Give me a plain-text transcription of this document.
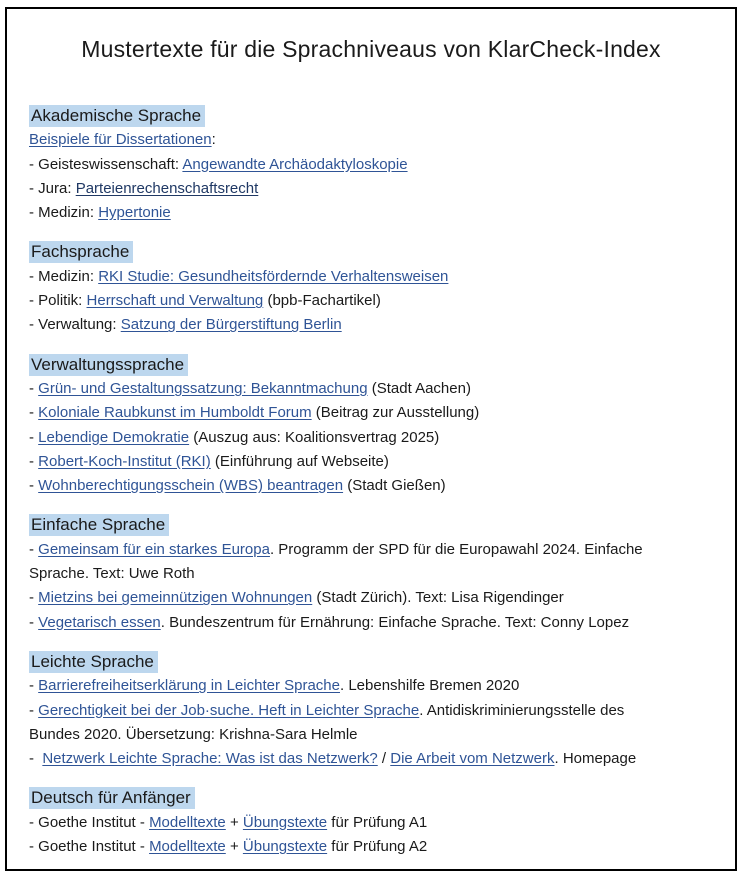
Mustertexte für die Sprachniveaus von KlarCheck-Index
Akademische Sprache
Beispiele für Dissertationen:
- Geisteswissenschaft: Angewandte Archäodaktyloskopie
- Jura: Parteienrechenschaftsrecht
- Medizin: Hypertonie
Fachsprache
- Medizin: RKI Studie: Gesundheitsfördernde Verhaltensweisen
- Politik: Herrschaft und Verwaltung (bpb-Fachartikel)
- Verwaltung: Satzung der Bürgerstiftung Berlin
Verwaltungssprache
- Grün- und Gestaltungssatzung: Bekanntmachung (Stadt Aachen)
- Koloniale Raubkunst im Humboldt Forum (Beitrag zur Ausstellung)
- Lebendige Demokratie (Auszug aus: Koalitionsvertrag 2025)
- Robert-Koch-Institut (RKI) (Einführung auf Webseite)
- Wohnberechtigungsschein (WBS) beantragen (Stadt Gießen)
Einfache Sprache
- Gemeinsam für ein starkes Europa. Programm der SPD für die Europawahl 2024. Einfache
Sprache. Text: Uwe Roth
- Mietzins bei gemeinnützigen Wohnungen (Stadt Zürich). Text: Lisa Rigendinger
- Vegetarisch essen. Bundeszentrum für Ernährung: Einfache Sprache. Text: Conny Lopez
Leichte Sprache
- Barrierefreiheitserklärung in Leichter Sprache. Lebenshilfe Bremen 2020
- Gerechtigkeit bei der Job·suche. Heft in Leichter Sprache. Antidiskriminierungsstelle des
Bundes 2020. Übersetzung: Krishna-Sara Helmle
-  Netzwerk Leichte Sprache: Was ist das Netzwerk? / Die Arbeit vom Netzwerk. Homepage
Deutsch für Anfänger
- Goethe Institut - Modelltexte + Übungstexte für Prüfung A1
- Goethe Institut - Modelltexte + Übungstexte für Prüfung A2
